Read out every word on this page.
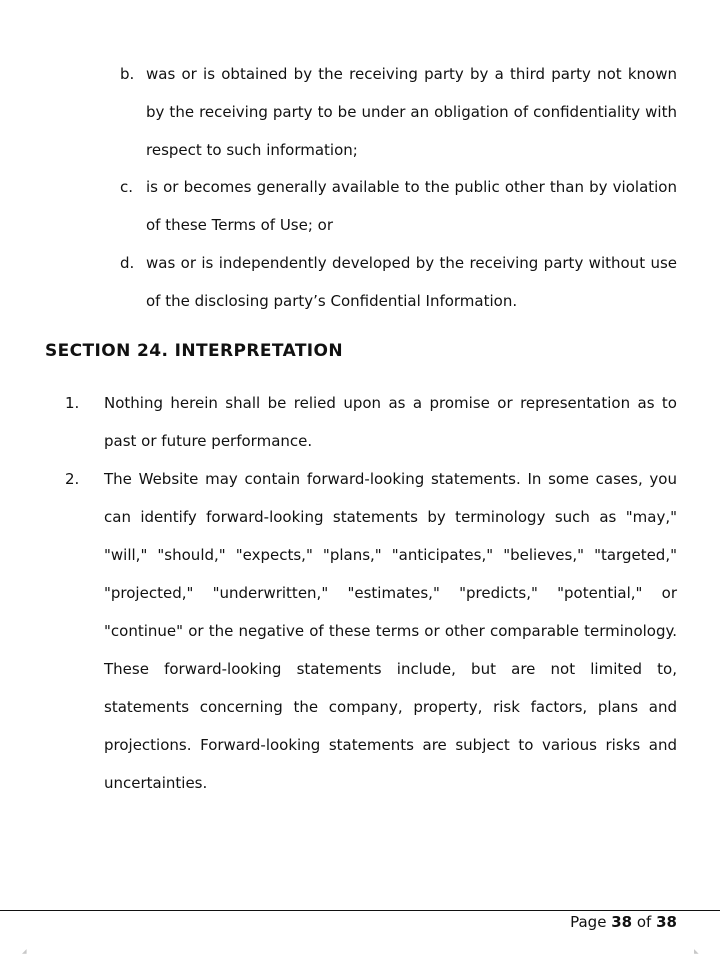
b. was or is obtained by the receiving party by a third party not known by the receiving party to be under an obligation of confidentiality with respect to such information;

c. is or becomes generally available to the public other than by violation of these Terms of Use; or

d. was or is independently developed by the receiving party without use of the disclosing party’s Confidential Information.

SECTION 24. INTERPRETATION

1. Nothing herein shall be relied upon as a promise or representation as to past or future performance.

2. The Website may contain forward-looking statements. In some cases, you can identify forward-looking statements by terminology such as "may," "will," "should," "expects," "plans," "anticipates," "believes," "targeted," "projected," "underwritten," "estimates," "predicts," "potential," or "continue" or the negative of these terms or other comparable terminology. These forward-looking statements include, but are not limited to, statements concerning the company, property, risk factors, plans and projections. Forward-looking statements are subject to various risks and uncertainties.

Page 38 of 38

◢	◣
